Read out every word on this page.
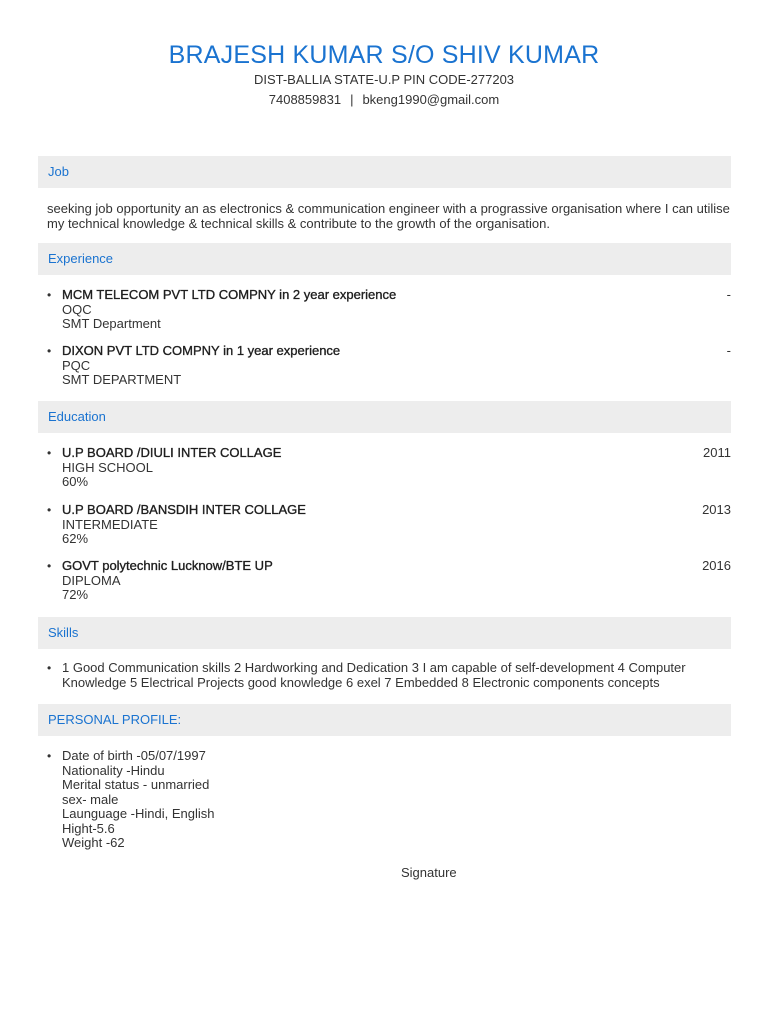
BRAJESH KUMAR S/O SHIV KUMAR
DIST-BALLIA STATE-U.P PIN CODE-277203
7408859831 | bkeng1990@gmail.com
Job
seeking job opportunity an as electronics & communication engineer with a prograssive organisation where I can utilise my technical knowledge & technical skills & contribute to the growth of the organisation.
Experience
• MCM TELECOM PVT LTD COMPNY in 2 year experience
OQC
SMT Department
-
• DIXON PVT LTD COMPNY in 1 year experience
PQC
SMT DEPARTMENT
-
Education
• U.P BOARD /DIULI INTER COLLAGE
HIGH SCHOOL
60%
2011
• U.P BOARD /BANSDIH INTER COLLAGE
INTERMEDIATE
62%
2013
• GOVT polytechnic Lucknow/BTE UP
DIPLOMA
72%
2016
Skills
• 1 Good Communication skills 2 Hardworking and Dedication 3 I am capable of self-development 4 Computer Knowledge 5 Electrical Projects good knowledge 6 exel 7 Embedded 8 Electronic components concepts
PERSONAL PROFILE:
• Date of birth -05/07/1997
Nationality -Hindu
Merital status - unmarried
sex- male
Launguage -Hindi, English
Hight-5.6
Weight -62
Signature
